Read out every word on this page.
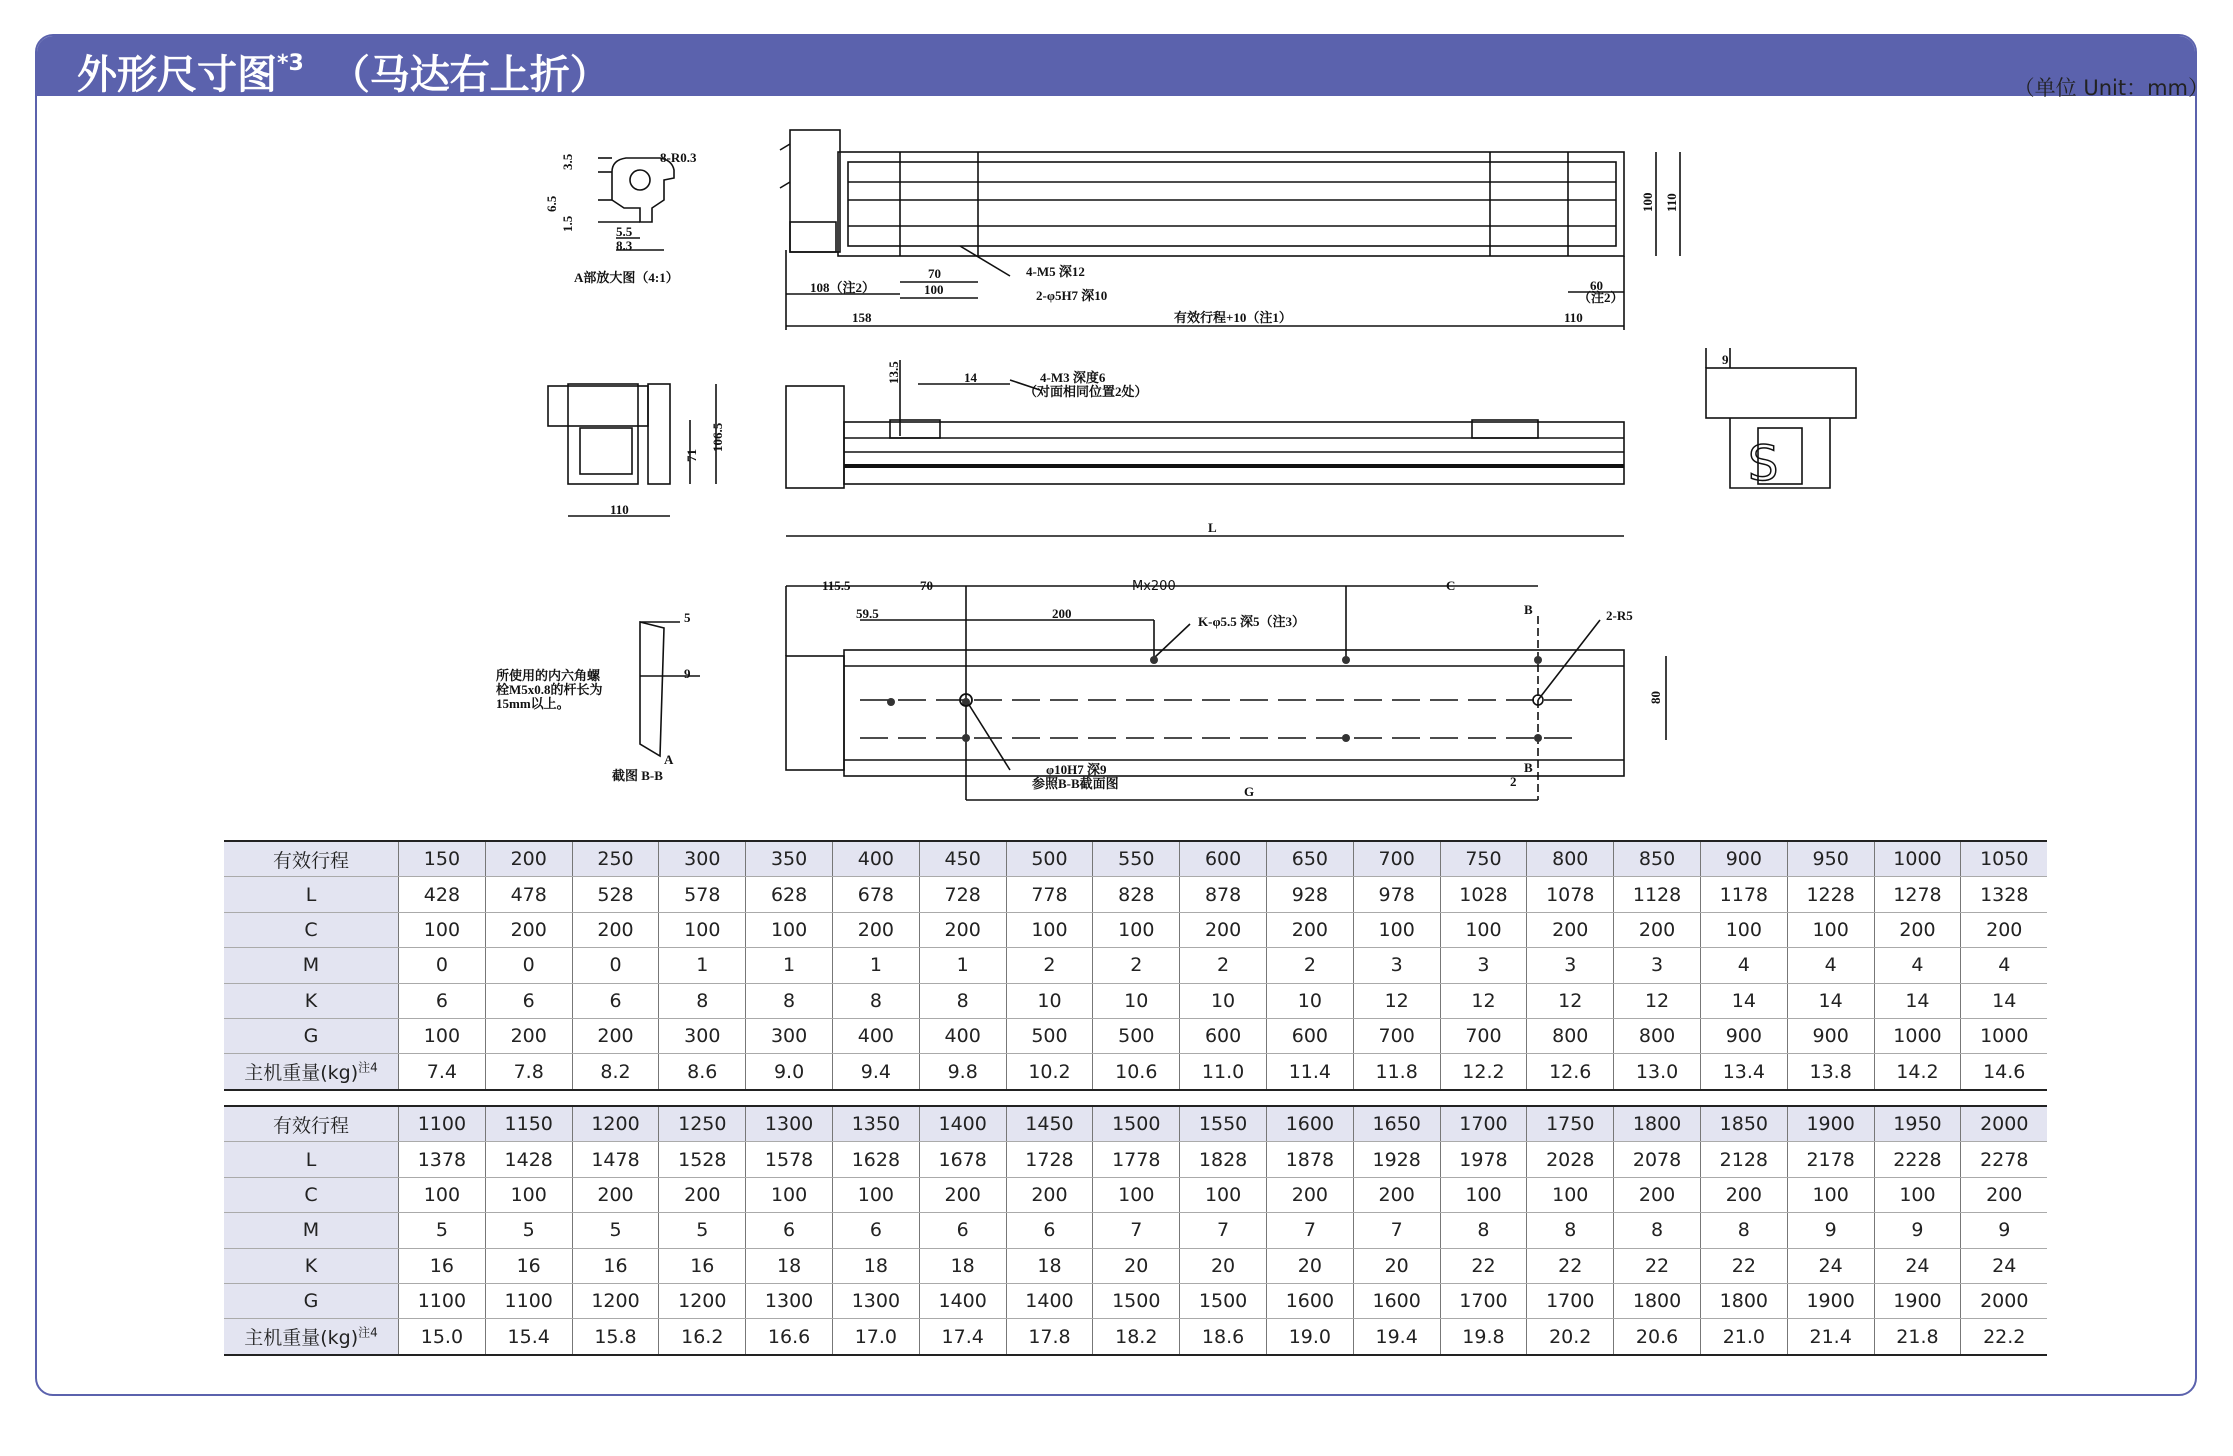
外形尺寸图$^{*3}$ （马达右上折）	（单位 Unit：mm）
S
8-R0.3
3.5
6.5
1.5	5.5
8.3
A部放大图（4:1）
108（注2）
158
70
100
4-M5 深12
2-φ5H7 深10
有效行程+10（注1）
60
（注2）
110
100 110
110
71
106.5
13.5	14	4-M3 深度6
（对面相同位置2处）
L
9
115.5	70
59.5
Mx200	C
200
K-φ5.5 深5（注3）
B	2-R5
80
φ10H7 深9
参照B-B截面图
G
2
B
5
9
所使用的内六角螺
栓M5x0.8的杆长为
15mm以上。
A
截图 B-B
有效行程	150	200	250	300	350	400	450	500	550	600	650	700	750	800	850	900	950	1000	1050
L	428	478	528	578	628	678	728	778	828	878	928	978	1028	1078	1128	1178	1228	1278	1328
C	100	200	200	100	100	200	200	100	100	200	200	100	100	200	200	100	100	200	200
M	0	0	0	1	1	1	1	2	2	2	2	3	3	3	3	4	4	4	4
K	6	6	6	8	8	8	8	10	10	10	10	12	12	12	12	14	14	14	14
G	100	200	200	300	300	400	400	500	500	600	600	700	700	800	800	900	900	1000	1000
主机重量(kg)$^{注4}$	7.4	7.8	8.2	8.6	9.0	9.4	9.8	10.2	10.6	11.0	11.4	11.8	12.2	12.6	13.0	13.4	13.8	14.2	14.6
有效行程	1100	1150	1200	1250	1300	1350	1400	1450	1500	1550	1600	1650	1700	1750	1800	1850	1900	1950	2000
L	1378	1428	1478	1528	1578	1628	1678	1728	1778	1828	1878	1928	1978	2028	2078	2128	2178	2228	2278
C	100	100	200	200	100	100	200	200	100	100	200	200	100	100	200	200	100	100	200
M	5	5	5	5	6	6	6	6	7	7	7	7	8	8	8	8	9	9	9
K	16	16	16	16	18	18	18	18	20	20	20	20	22	22	22	22	24	24	24
G	1100	1100	1200	1200	1300	1300	1400	1400	1500	1500	1600	1600	1700	1700	1800	1800	1900	1900	2000
主机重量(kg)$^{注4}$	15.0	15.4	15.8	16.2	16.6	17.0	17.4	17.8	18.2	18.6	19.0	19.4	19.8	20.2	20.6	21.0	21.4	21.8	22.2
